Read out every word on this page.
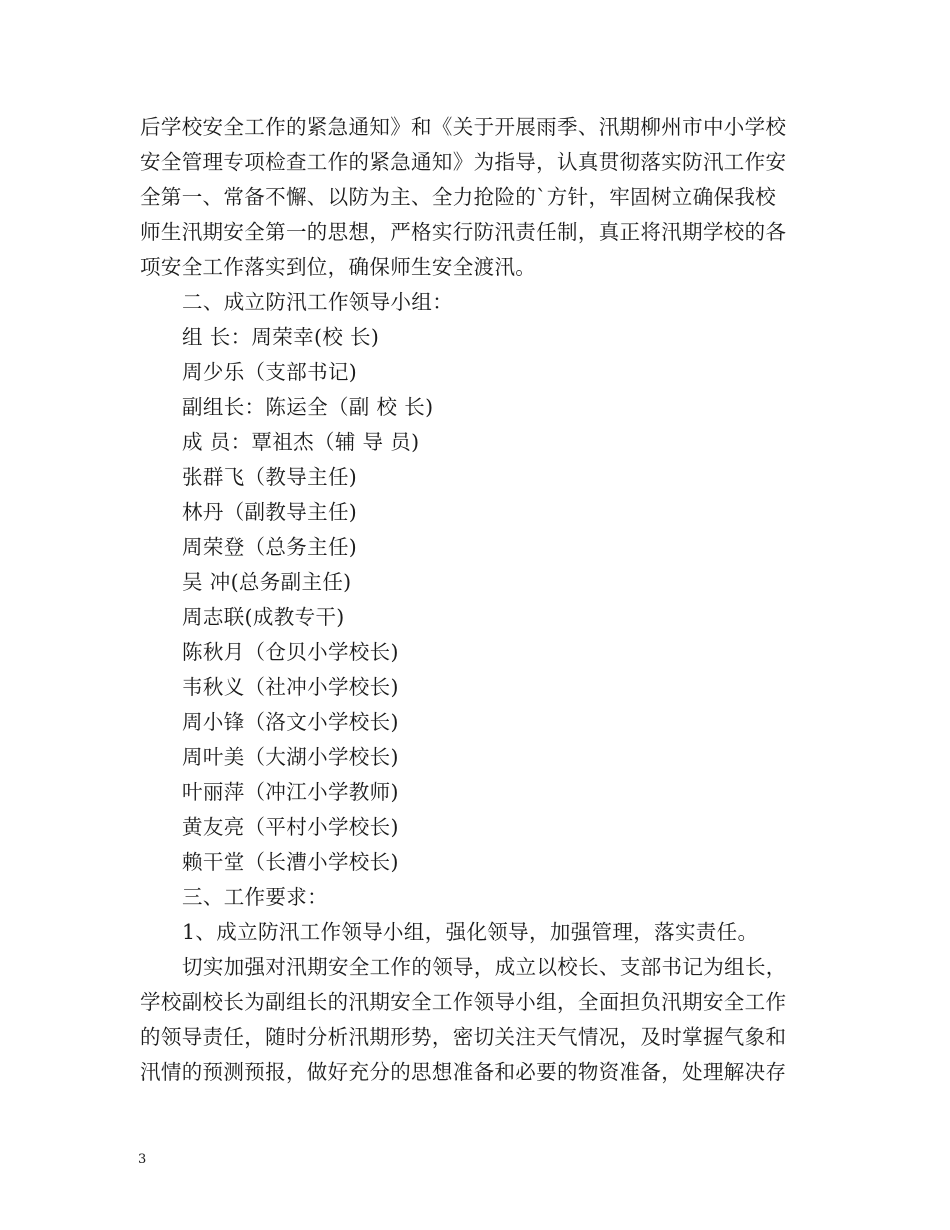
后学校安全工作的紧急通知》和《关于开展雨季、汛期柳州市中小学校
安全管理专项检查工作的紧急通知》为指导，认真贯彻落实防汛工作安
全第一、常备不懈、以防为主、全力抢险的`方针，牢固树立确保我校
师生汛期安全第一的思想，严格实行防汛责任制，真正将汛期学校的各
项安全工作落实到位，确保师生安全渡汛。
二、成立防汛工作领导小组：
组 长：周荣幸(校 长)
周少乐（支部书记)
副组长：陈运全（副 校 长)
成 员：覃祖杰（辅 导 员)
张群飞（教导主任)
林丹（副教导主任)
周荣登（总务主任)
吴 冲(总务副主任)
周志联(成教专干)
陈秋月（仓贝小学校长)
韦秋义（社冲小学校长)
周小锋（洛文小学校长)
周叶美（大湖小学校长)
叶丽萍（冲江小学教师)
黄友亮（平村小学校长)
赖干堂（长漕小学校长)
三、工作要求：
1、成立防汛工作领导小组，强化领导，加强管理，落实责任。
切实加强对汛期安全工作的领导，成立以校长、支部书记为组长，
学校副校长为副组长的汛期安全工作领导小组，全面担负汛期安全工作
的领导责任，随时分析汛期形势，密切关注天气情况，及时掌握气象和
汛情的预测预报，做好充分的思想准备和必要的物资准备，处理解决存
3
